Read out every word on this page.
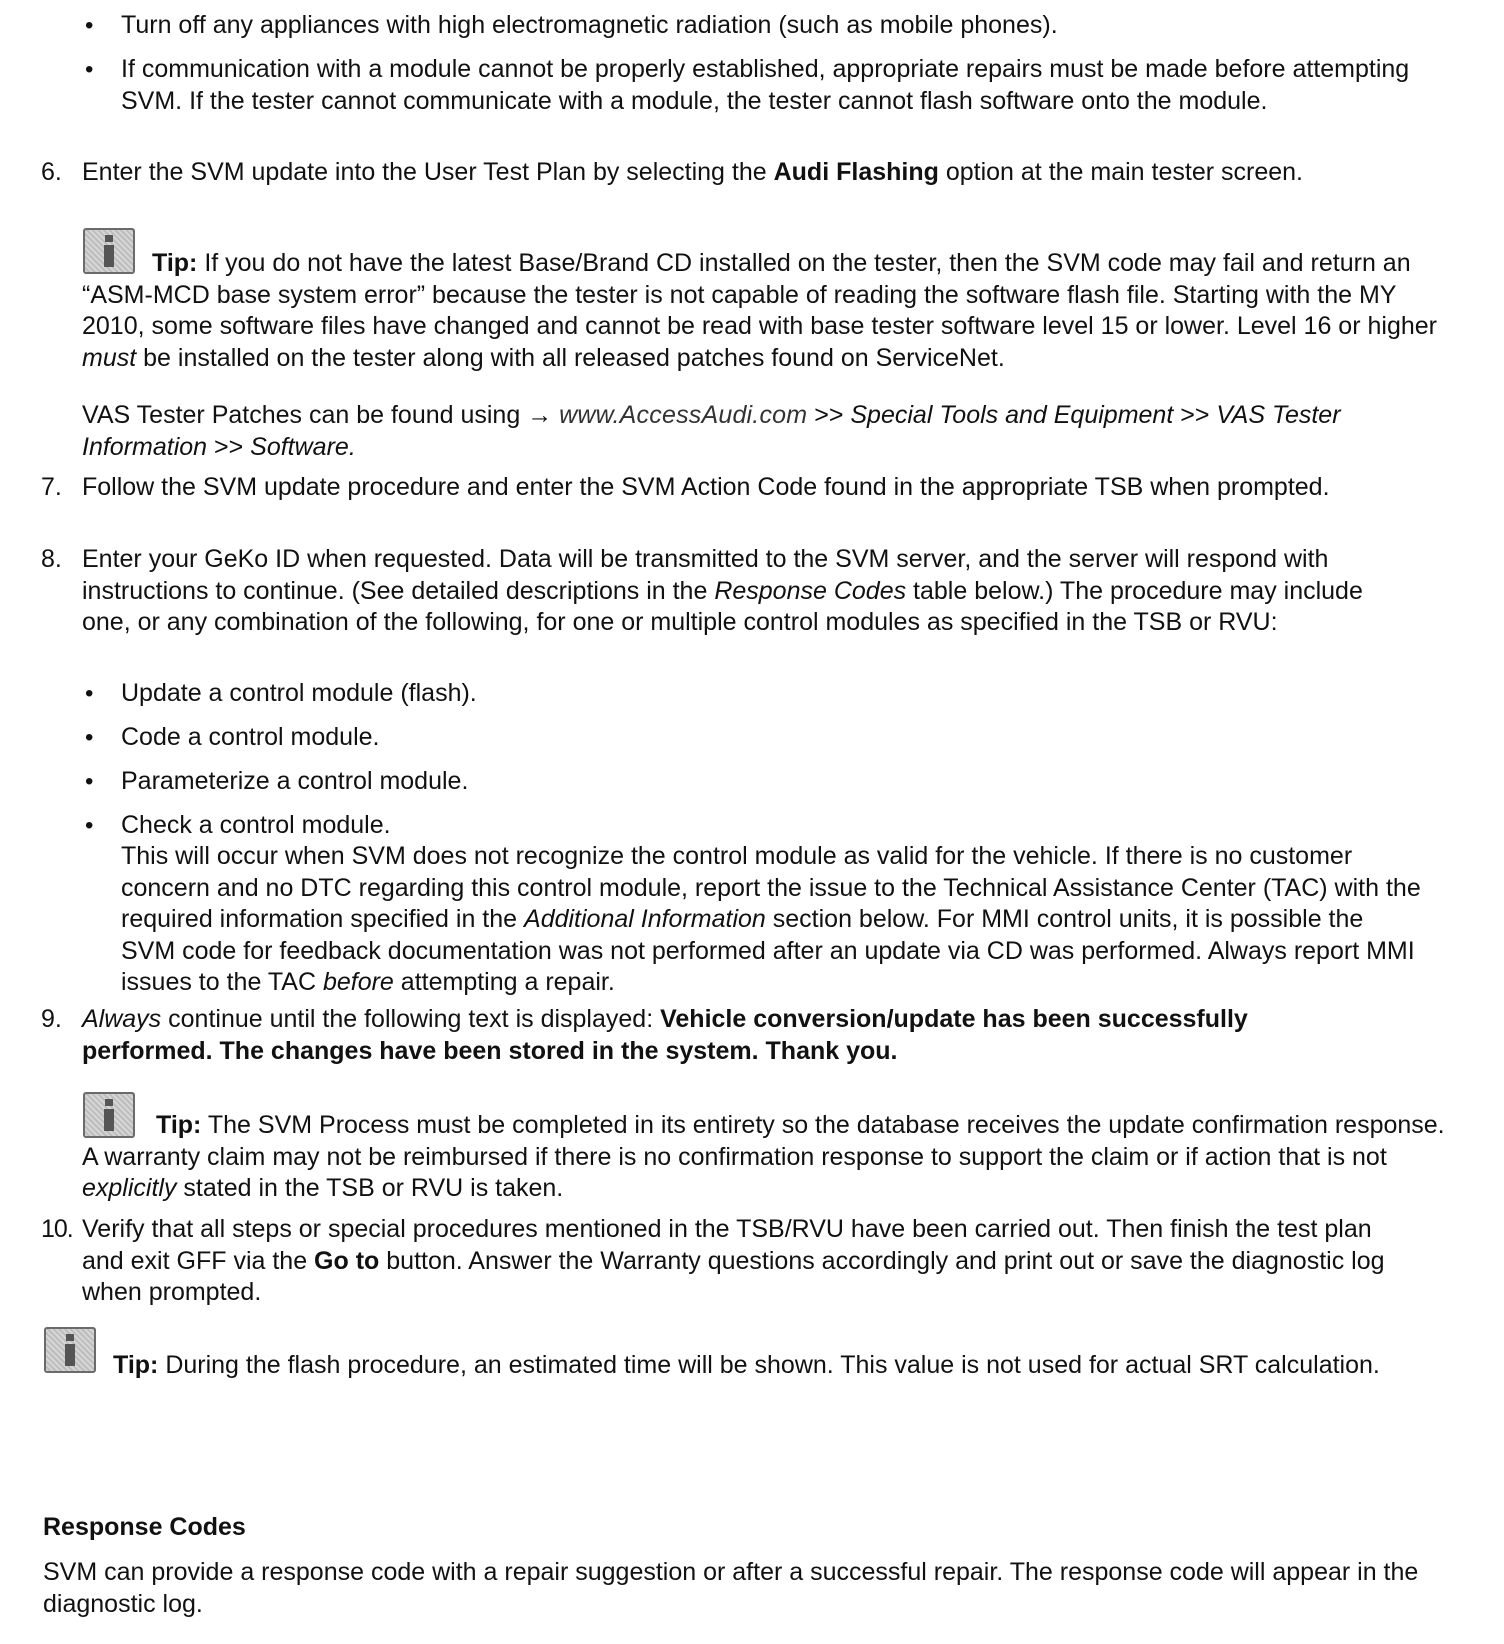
• Turn off any appliances with high electromagnetic radiation (such as mobile phones).
• If communication with a module cannot be properly established, appropriate repairs must be made before attempting SVM. If the tester cannot communicate with a module, the tester cannot flash software onto the module.
6. Enter the SVM update into the User Test Plan by selecting the Audi Flashing option at the main tester screen.
Tip: If you do not have the latest Base/Brand CD installed on the tester, then the SVM code may fail and return an “ASM-MCD base system error” because the tester is not capable of reading the software flash file. Starting with the MY 2010, some software files have changed and cannot be read with base tester software level 15 or lower. Level 16 or higher must be installed on the tester along with all released patches found on ServiceNet.
VAS Tester Patches can be found using → www.AccessAudi.com >> Special Tools and Equipment >> VAS Tester Information >> Software.
7. Follow the SVM update procedure and enter the SVM Action Code found in the appropriate TSB when prompted.
8. Enter your GeKo ID when requested. Data will be transmitted to the SVM server, and the server will respond with instructions to continue. (See detailed descriptions in the Response Codes table below.) The procedure may include one, or any combination of the following, for one or multiple control modules as specified in the TSB or RVU:
• Update a control module (flash).
• Code a control module.
• Parameterize a control module.
• Check a control module.
This will occur when SVM does not recognize the control module as valid for the vehicle. If there is no customer concern and no DTC regarding this control module, report the issue to the Technical Assistance Center (TAC) with the required information specified in the Additional Information section below. For MMI control units, it is possible the SVM code for feedback documentation was not performed after an update via CD was performed. Always report MMI issues to the TAC before attempting a repair.
9. Always continue until the following text is displayed: Vehicle conversion/update has been successfully performed. The changes have been stored in the system. Thank you.
Tip: The SVM Process must be completed in its entirety so the database receives the update confirmation response. A warranty claim may not be reimbursed if there is no confirmation response to support the claim or if action that is not explicitly stated in the TSB or RVU is taken.
10. Verify that all steps or special procedures mentioned in the TSB/RVU have been carried out. Then finish the test plan and exit GFF via the Go to button. Answer the Warranty questions accordingly and print out or save the diagnostic log when prompted.
Tip: During the flash procedure, an estimated time will be shown. This value is not used for actual SRT calculation.
Response Codes
SVM can provide a response code with a repair suggestion or after a successful repair. The response code will appear in the diagnostic log.
